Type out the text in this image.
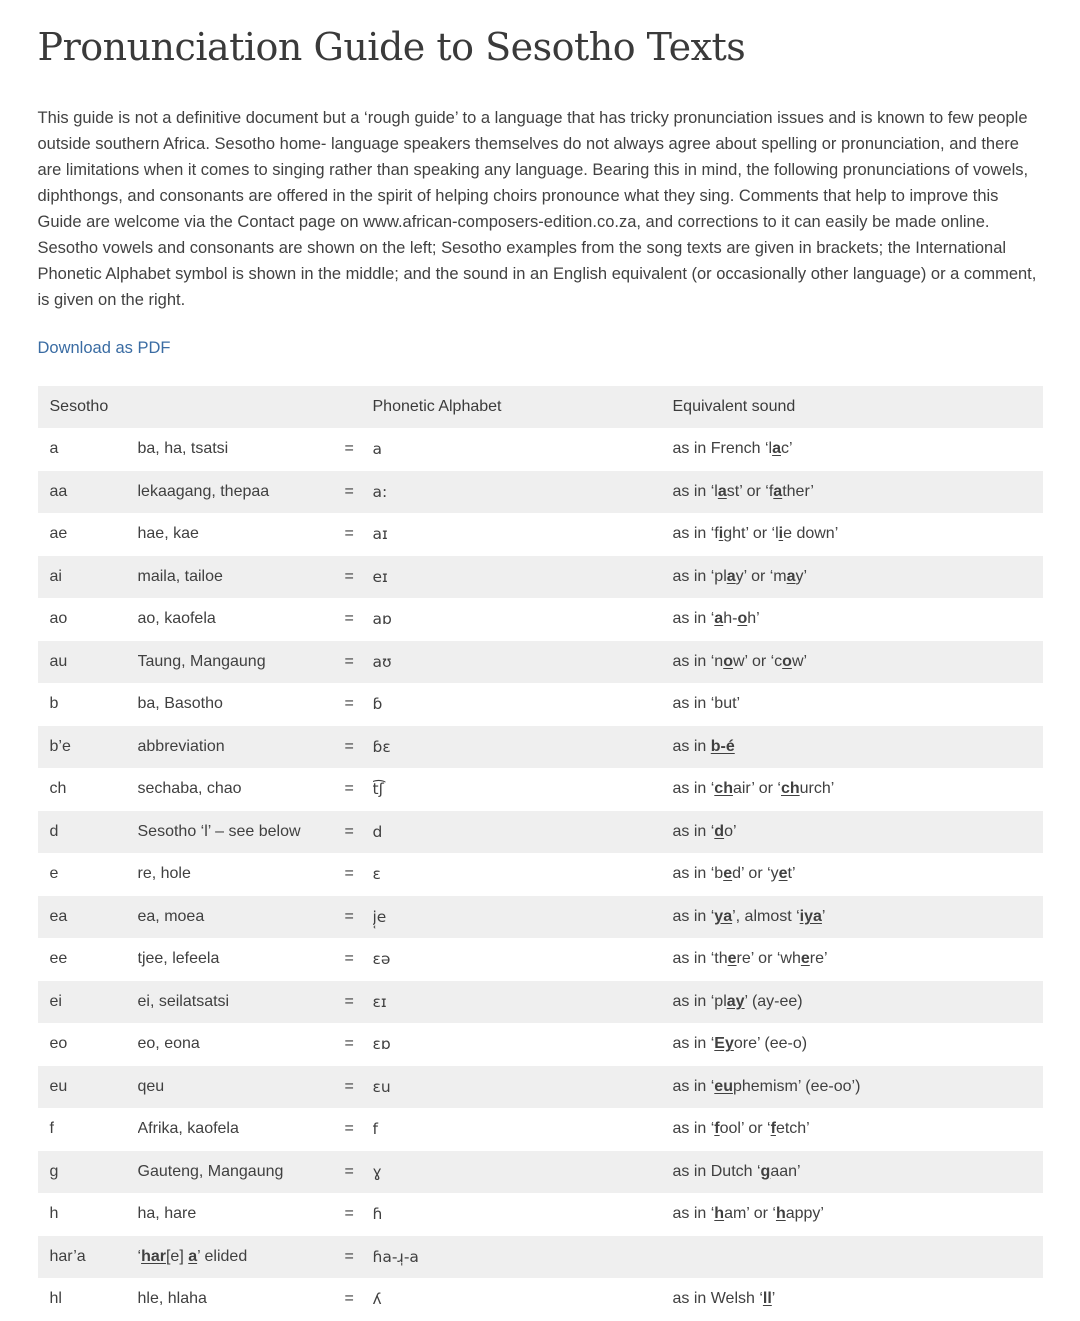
Pronunciation Guide to Sesotho Texts

This guide is not a definitive document but a ‘rough guide’ to a language that has tricky pronunciation issues and is known to few people outside southern Africa. Sesotho home- language speakers themselves do not always agree about spelling or pronunciation, and there are limitations when it comes to singing rather than speaking any language. Bearing this in mind, the following pronunciations of vowels, diphthongs, and consonants are offered in the spirit of helping choirs pronounce what they sing. Comments that help to improve this Guide are welcome via the Contact page on www.african-composers-edition.co.za, and corrections to it can easily be made online. Sesotho vowels and consonants are shown on the left; Sesotho examples from the song texts are given in brackets; the International Phonetic Alphabet symbol is shown in the middle; and the sound in an English equivalent (or occasionally other language) or a comment, is given on the right.

Download as PDF
Sesotho			Phonetic Alphabet	Equivalent sound
a	ba, ha, tsatsi	=	a	as in French ‘lac’
aa	lekaagang, thepaa	=	a:	as in ‘last’ or ‘father’
ae	hae, kae	=	aɪ	as in ‘fight’ or ‘lie down’
ai	maila, tailoe	=	eɪ	as in ‘play’ or ‘may’
ao	ao, kaofela	=	aɒ	as in ‘ah-oh’
au	Taung, Mangaung	=	aʊ	as in ‘now’ or ‘cow’
b	ba, Basotho	=	ɓ	as in ‘but’
b’e	abbreviation	=	ɓɛ	as in b-é
ch	sechaba, chao	=	t͡ʃ	as in ‘chair’ or ‘church’
d	Sesotho ‘l’ – see below	=	d	as in ‘do’
e	re, hole	=	ɛ	as in ‘bed’ or ‘yet’
ea	ea, moea	=	j̜e	as in ‘ya’, almost ‘iya’
ee	tjee, lefeela	=	ɛə	as in ‘there’ or ‘where’
ei	ei, seilatsatsi	=	ɛɪ	as in ‘play’ (ay-ee)
eo	eo, eona	=	ɛɒ	as in ‘Eyore’ (ee-o)
eu	qeu	=	ɛu	as in ‘euphemism’ (ee-oo’)
f	Afrika, kaofela	=	f	as in ‘fool’ or ‘fetch’
g	Gauteng, Mangaung	=	ɣ	as in Dutch ‘gaan’
h	ha, hare	=	ɦ	as in ‘ham’ or ‘happy’
har’a	‘har[e] a’ elided	=	ɦa-ɹ̩-a	
hl	hle, hlaha	=	ʎ	as in Welsh ‘ll’
